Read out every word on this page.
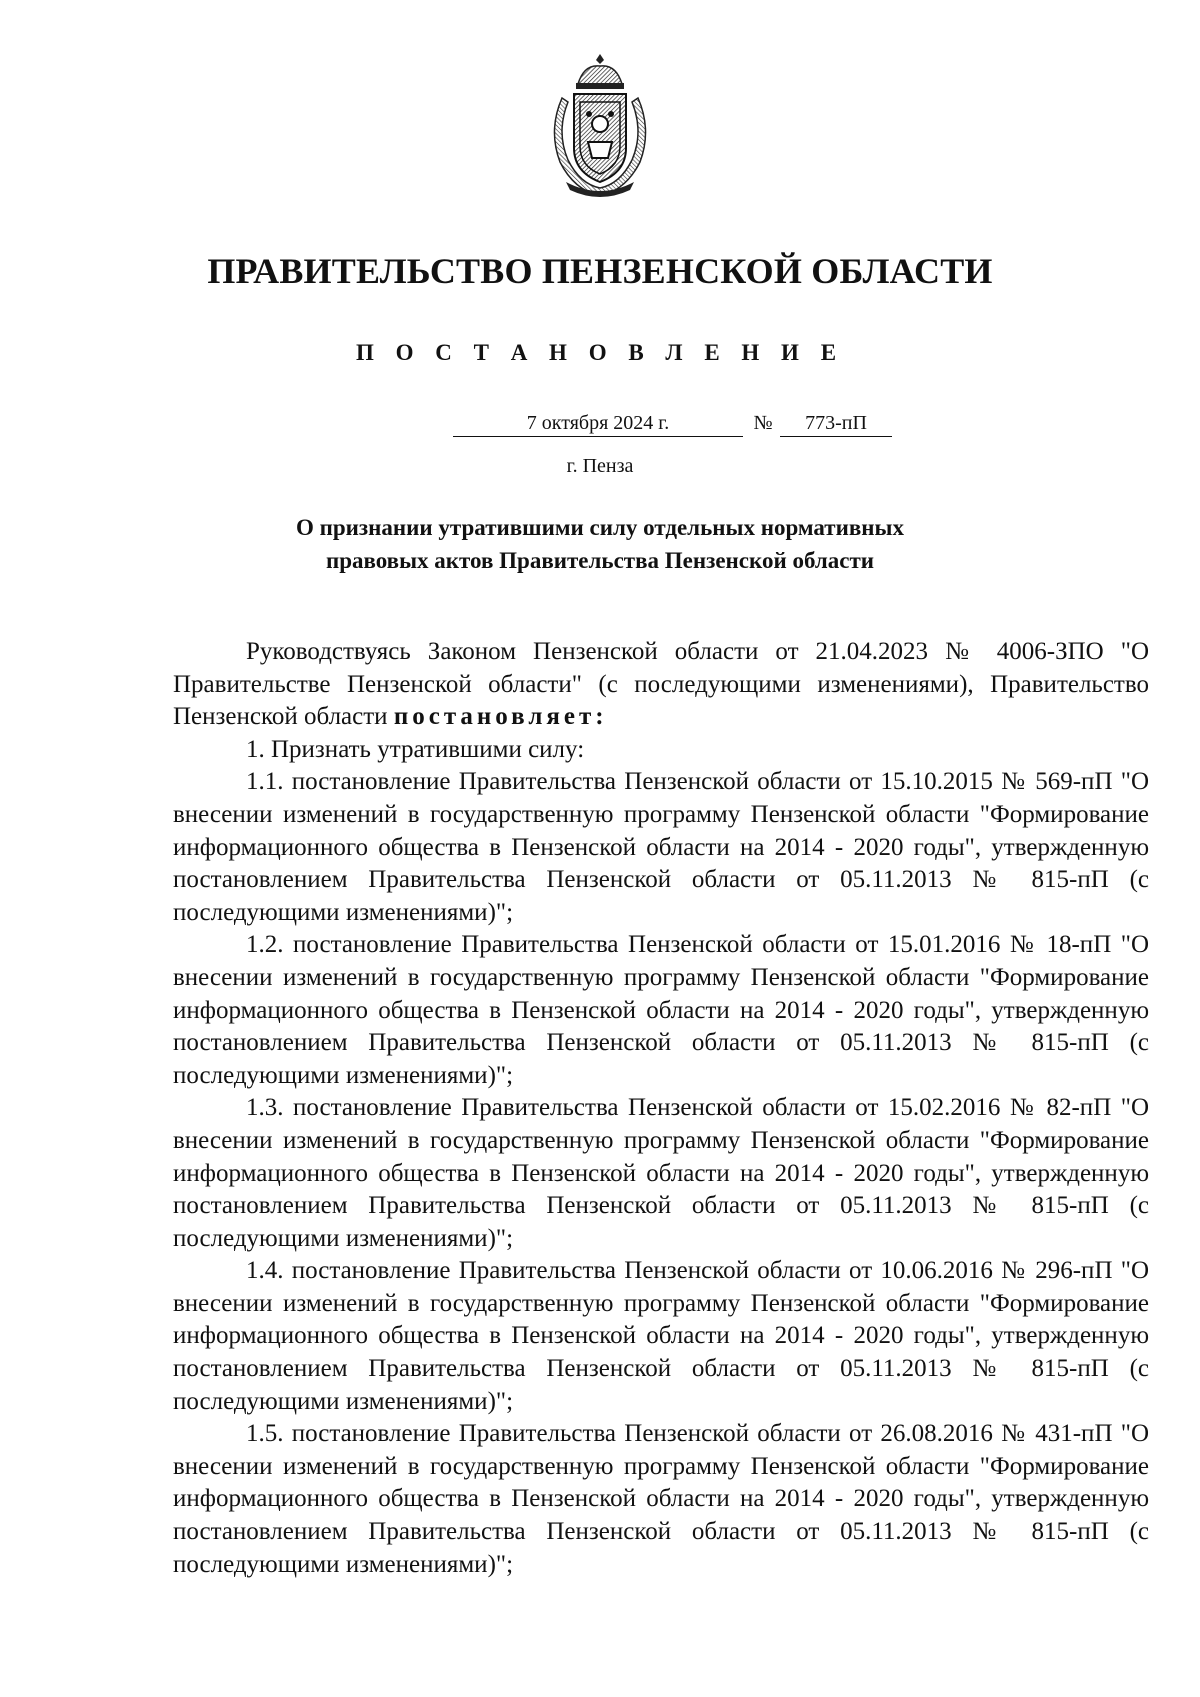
ПРАВИТЕЛЬСТВО ПЕНЗЕНСКОЙ ОБЛАСТИ
П О С Т А Н О В Л Е Н И Е
7 октября 2024 г.	№	773-пП
г. Пенза
О признании утратившими силу отдельных нормативных
правовых актов Правительства Пензенской области

Руководствуясь Законом Пензенской области от 21.04.2023 № 4006-ЗПО "О Правительстве Пензенской области" (с последующими изменениями), Правительство Пензенской области постановляет:

1. Признать утратившими силу:

1.1. постановление Правительства Пензенской области от 15.10.2015 № 569-пП "О внесении изменений в государственную программу Пензенской области "Формирование информационного общества в Пензенской области на 2014 - 2020 годы", утвержденную постановлением Правительства Пензенской области от 05.11.2013 № 815-пП (с последующими изменениями)";

1.2. постановление Правительства Пензенской области от 15.01.2016 № 18-пП "О внесении изменений в государственную программу Пензенской области "Формирование информационного общества в Пензенской области на 2014 - 2020 годы", утвержденную постановлением Правительства Пензенской области от 05.11.2013 № 815-пП (с последующими изменениями)";

1.3. постановление Правительства Пензенской области от 15.02.2016 № 82-пП "О внесении изменений в государственную программу Пензенской области "Формирование информационного общества в Пензенской области на 2014 - 2020 годы", утвержденную постановлением Правительства Пензенской области от 05.11.2013 № 815-пП (с последующими изменениями)";

1.4. постановление Правительства Пензенской области от 10.06.2016 № 296-пП "О внесении изменений в государственную программу Пензенской области "Формирование информационного общества в Пензенской области на 2014 - 2020 годы", утвержденную постановлением Правительства Пензенской области от 05.11.2013 № 815-пП (с последующими изменениями)";

1.5. постановление Правительства Пензенской области от 26.08.2016 № 431-пП "О внесении изменений в государственную программу Пензенской области "Формирование информационного общества в Пензенской области на 2014 - 2020 годы", утвержденную постановлением Правительства Пензенской области от 05.11.2013 № 815-пП (с последующими изменениями)";
